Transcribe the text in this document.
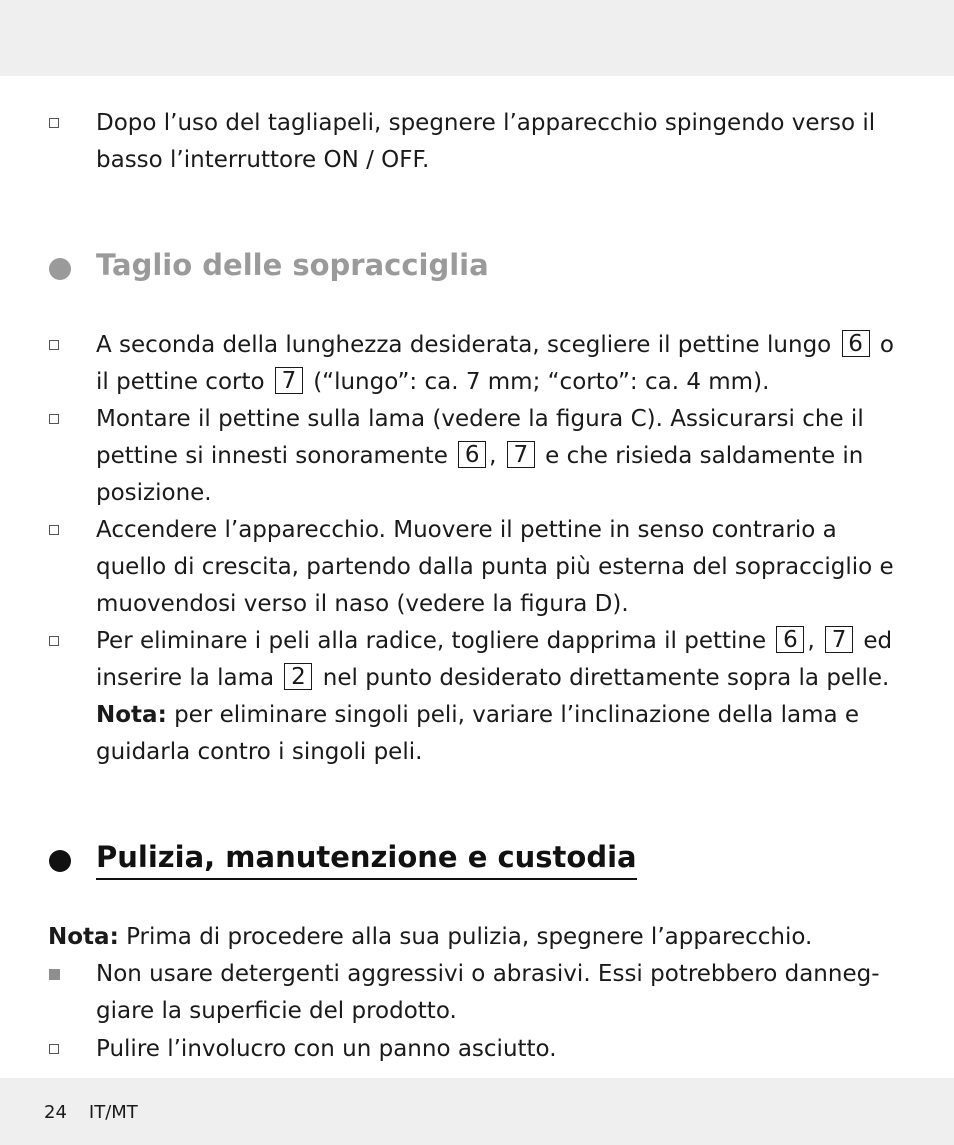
Dopo l’uso del tagliapeli, spegnere l’apparecchio spingendo verso il
basso l’interruttore ON / OFF.
Taglio delle sopracciglia
A seconda della lunghezza desiderata, scegliere il pettine lungo 6 o
il pettine corto 7 (“lungo”: ca. 7 mm; “corto”: ca. 4 mm).
Montare il pettine sulla lama (vedere la figura C). Assicurarsi che il
pettine si innesti sonoramente 6 , 7 e che risieda saldamente in
posizione.
Accendere l’apparecchio. Muovere il pettine in senso contrario a
quello di crescita, partendo dalla punta più esterna del sopracciglio e
muovendosi verso il naso (vedere la figura D).
Per eliminare i peli alla radice, togliere dapprima il pettine 6 , 7 ed
inserire la lama 2 nel punto desiderato direttamente sopra la pelle.
Nota: per eliminare singoli peli, variare l’inclinazione della lama e
guidarla contro i singoli peli.
Pulizia, manutenzione e custodia
Nota: Prima di procedere alla sua pulizia, spegnere l’apparecchio.
Non usare detergenti aggressivi o abrasivi. Essi potrebbero danneg-
giare la superficie del prodotto.
Pulire l’involucro con un panno asciutto.
24 IT/MT
